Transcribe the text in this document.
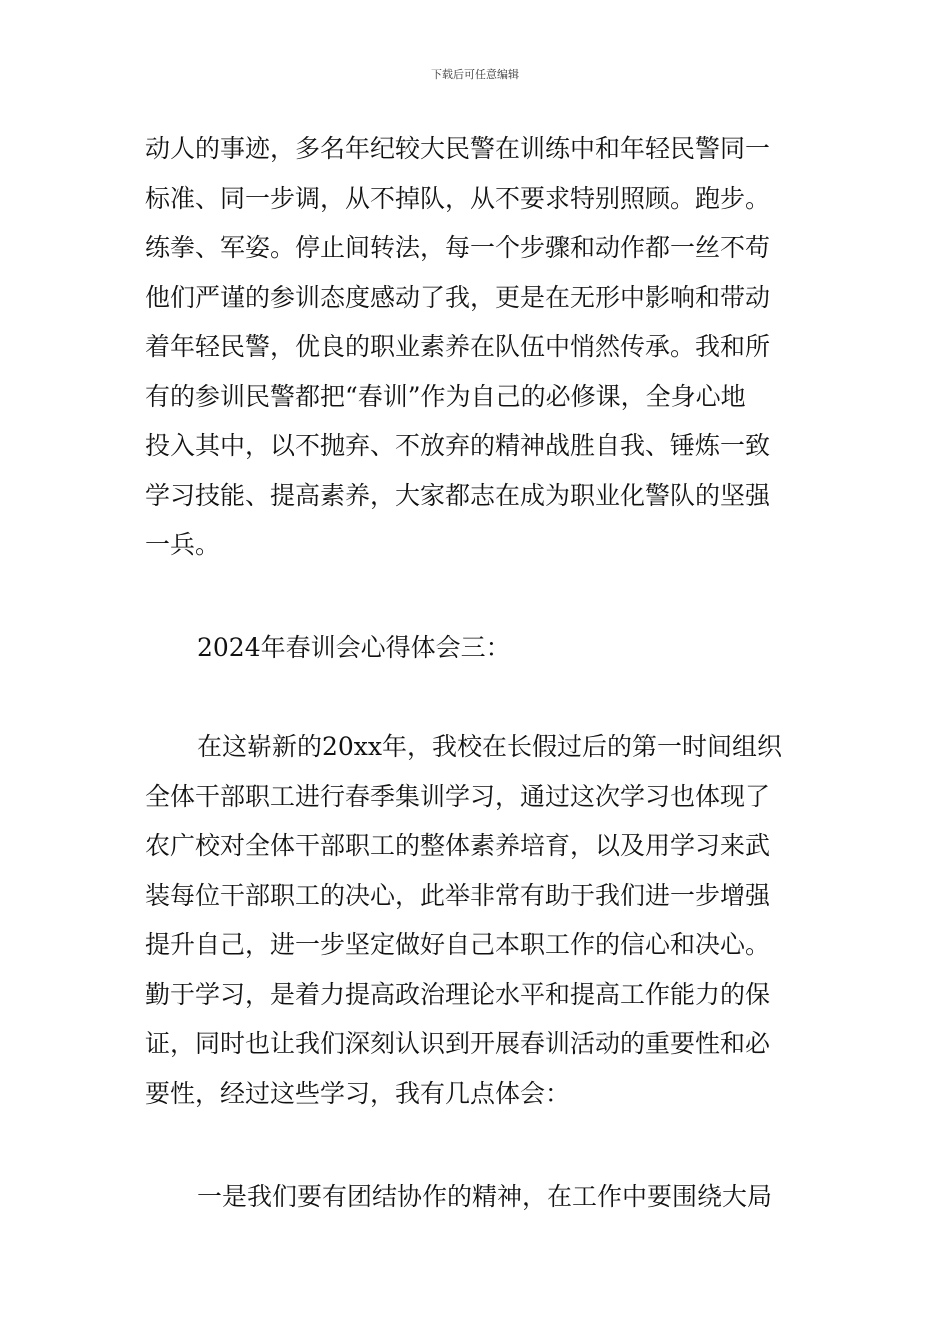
下载后可任意编辑
动人的事迹，多名年纪较大民警在训练中和年轻民警同一
标准、同一步调，从不掉队，从不要求特别照顾。跑步。
练拳、军姿。停止间转法，每一个步骤和动作都一丝不苟
他们严谨的参训态度感动了我，更是在无形中影响和带动
着年轻民警，优良的职业素养在队伍中悄然传承。我和所
有的参训民警都把“春训”作为自己的必修课，全身心地
投入其中，以不抛弃、不放弃的精神战胜自我、锤炼一致
学习技能、提高素养，大家都志在成为职业化警队的坚强
一兵。
2024年春训会心得体会三：
在这崭新的20xx年，我校在长假过后的第一时间组织
全体干部职工进行春季集训学习，通过这次学习也体现了
农广校对全体干部职工的整体素养培育，以及用学习来武
装每位干部职工的决心，此举非常有助于我们进一步增强
提升自己，进一步坚定做好自己本职工作的信心和决心。
勤于学习，是着力提高政治理论水平和提高工作能力的保
证，同时也让我们深刻认识到开展春训活动的重要性和必
要性，经过这些学习，我有几点体会：
一是我们要有团结协作的精神，在工作中要围绕大局
